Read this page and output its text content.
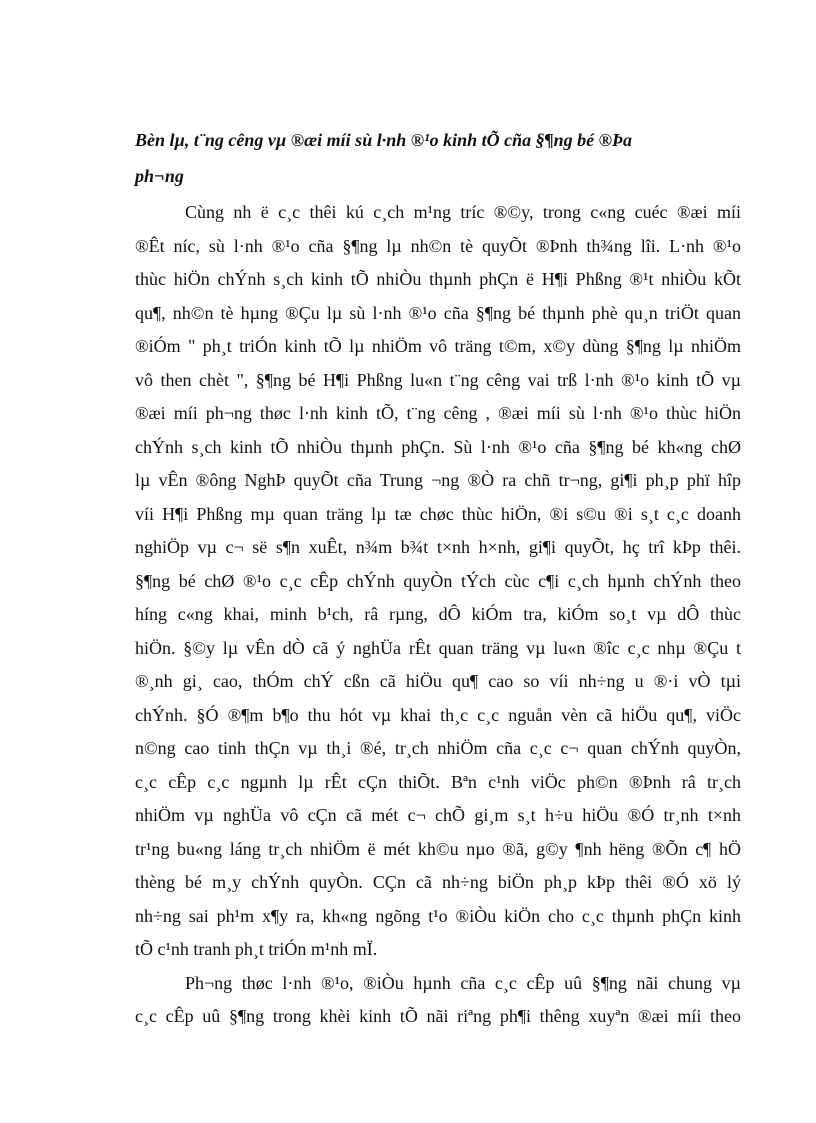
Bèn lµ, t¨ng cêng vµ ®æi míi sù l·nh ®¹o kinh tÕ cña §¶ng bé ®Þa

ph¬ng

Cùng nh ë c¸c thêi kú c¸ch m¹ng tríc ®©y, trong c«ng cuéc ®æi míi

®Êt níc, sù l·nh ®¹o cña §¶ng lµ nh©n tè quyÕt ®Þnh th¾ng lîi. L·nh ®¹o

thùc hiÖn chÝnh s¸ch kinh tÕ nhiÒu thµnh phÇn ë H¶i Phßng ®¹t nhiÒu kÕt

qu¶, nh©n tè hµng ®Çu lµ sù l·nh ®¹o cña §¶ng bé thµnh phè qu¸n triÖt quan

®iÓm " ph¸t triÓn kinh tÕ lµ nhiÖm vô träng t©m, x©y dùng §¶ng lµ nhiÖm

vô then chèt ", §¶ng bé H¶i Phßng lu«n t¨ng cêng vai trß l·nh ®¹o kinh tÕ vµ

®æi míi ph¬ng thøc l·nh kinh tÕ, t¨ng cêng , ®æi míi sù l·nh ®¹o thùc hiÖn

chÝnh s¸ch kinh tÕ nhiÒu thµnh phÇn. Sù l·nh ®¹o cña §¶ng bé kh«ng chØ

lµ vÊn ®ông NghÞ quyÕt cña Trung ¬ng ®Ò ra chñ tr¬ng, gi¶i ph¸p phï hîp

víi H¶i Phßng mµ quan träng lµ tæ chøc thùc hiÖn, ®i s©u ®i s¸t c¸c doanh

nghiÖp vµ c¬ së s¶n xuÊt, n¾m b¾t t×nh h×nh, gi¶i quyÕt, hç trî kÞp thêi.

§¶ng bé chØ ®¹o c¸c cÊp chÝnh quyÒn tÝch cùc c¶i c¸ch hµnh chÝnh theo

híng c«ng khai, minh b¹ch, râ rµng, dÔ kiÓm tra, kiÓm so¸t vµ dÔ thùc

hiÖn. §©y lµ vÊn dÒ cã ý nghÜa rÊt quan träng vµ lu«n ®îc c¸c nhµ ®Çu t

®¸nh gi¸ cao, thÓm chÝ cßn cã hiÖu qu¶ cao so víi nh÷ng u ®·i vÒ tµi

chÝnh. §Ó ®¶m b¶o thu hót vµ khai th¸c c¸c nguån vèn cã hiÖu qu¶, viÖc

n©ng cao tinh thÇn vµ th¸i ®é, tr¸ch nhiÖm cña c¸c c¬ quan chÝnh quyÒn,

c¸c cÊp c¸c ngµnh lµ rÊt cÇn thiÕt. Bªn c¹nh viÖc ph©n ®Þnh râ tr¸ch

nhiÖm vµ nghÜa vô cÇn cã mét c¬ chÕ gi¸m s¸t h÷u hiÖu ®Ó tr¸nh t×nh

tr¹ng bu«ng láng tr¸ch nhiÖm ë mét kh©u nµo ®ã, g©y ¶nh hëng ®Õn c¶ hÖ

thèng bé m¸y chÝnh quyÒn. CÇn cã nh÷ng biÖn ph¸p kÞp thêi ®Ó xö lý

nh÷ng sai ph¹m x¶y ra, kh«ng ngõng t¹o ®iÒu kiÖn cho c¸c thµnh phÇn kinh

tÕ c¹nh tranh ph¸t triÓn m¹nh mÏ.

Ph¬ng thøc l·nh ®¹o, ®iÒu hµnh cña c¸c cÊp uû §¶ng nãi chung vµ

c¸c cÊp uû §¶ng trong khèi kinh tÕ nãi riªng ph¶i thêng xuyªn ®æi míi theo
